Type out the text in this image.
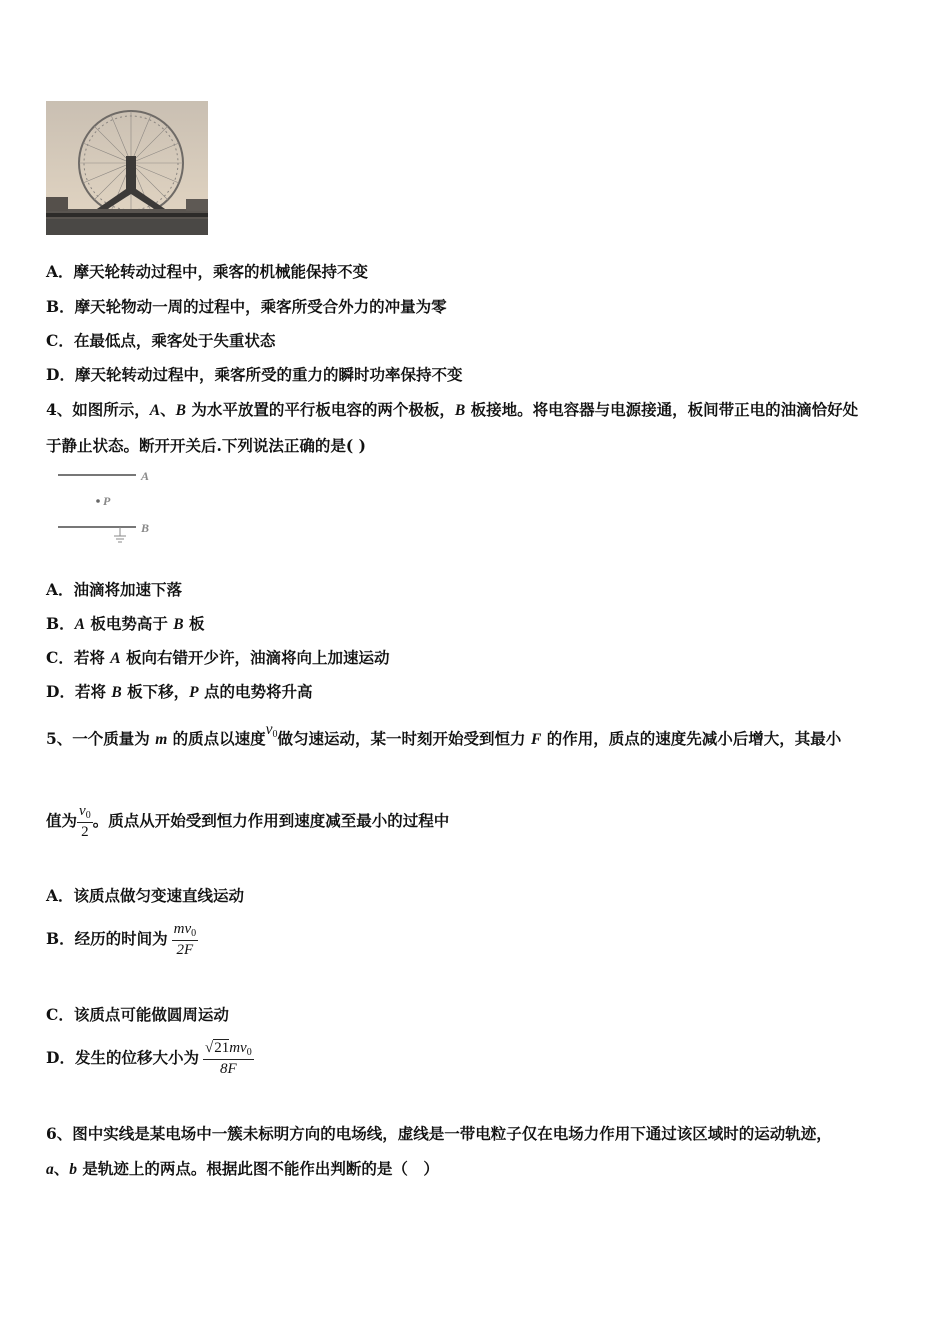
A．摩天轮转动过程中，乘客的机械能保持不变
B．摩天轮物动一周的过程中，乘客所受合外力的冲量为零
C．在最低点，乘客处于失重状态
D．摩天轮转动过程中，乘客所受的重力的瞬时功率保持不变
4、如图所示，A、B 为水平放置的平行板电容的两个极板，B 板接地。将电容器与电源接通，板间带正电的油滴恰好处
于静止状态。断开开关后.下列说法正确的是( )
A
P
B
A．油滴将加速下落
B．A 板电势高于 B 板
C．若将 A 板向右错开少许，油滴将向上加速运动
D．若将 B 板下移，P 点的电势将升高
5、一个质量为 m 的质点以速度$v_0$做匀速运动，某一时刻开始受到恒力 F 的作用，质点的速度先减小后增大，其最小
值为 $\frac{v_0}{2}$ 。质点从开始受到恒力作用到速度减至最小的过程中
A．该质点做匀变速直线运动
B．经历的时间为 $\frac{mv_0}{2F}$
C．该质点可能做圆周运动
D．发生的位移大小为 $\frac{√21mv_0}{8F}$
6、图中实线是某电场中一簇未标明方向的电场线，虚线是一带电粒子仅在电场力作用下通过该区域时的运动轨迹，
a、b 是轨迹上的两点。根据此图不能作出判断的是（　）
